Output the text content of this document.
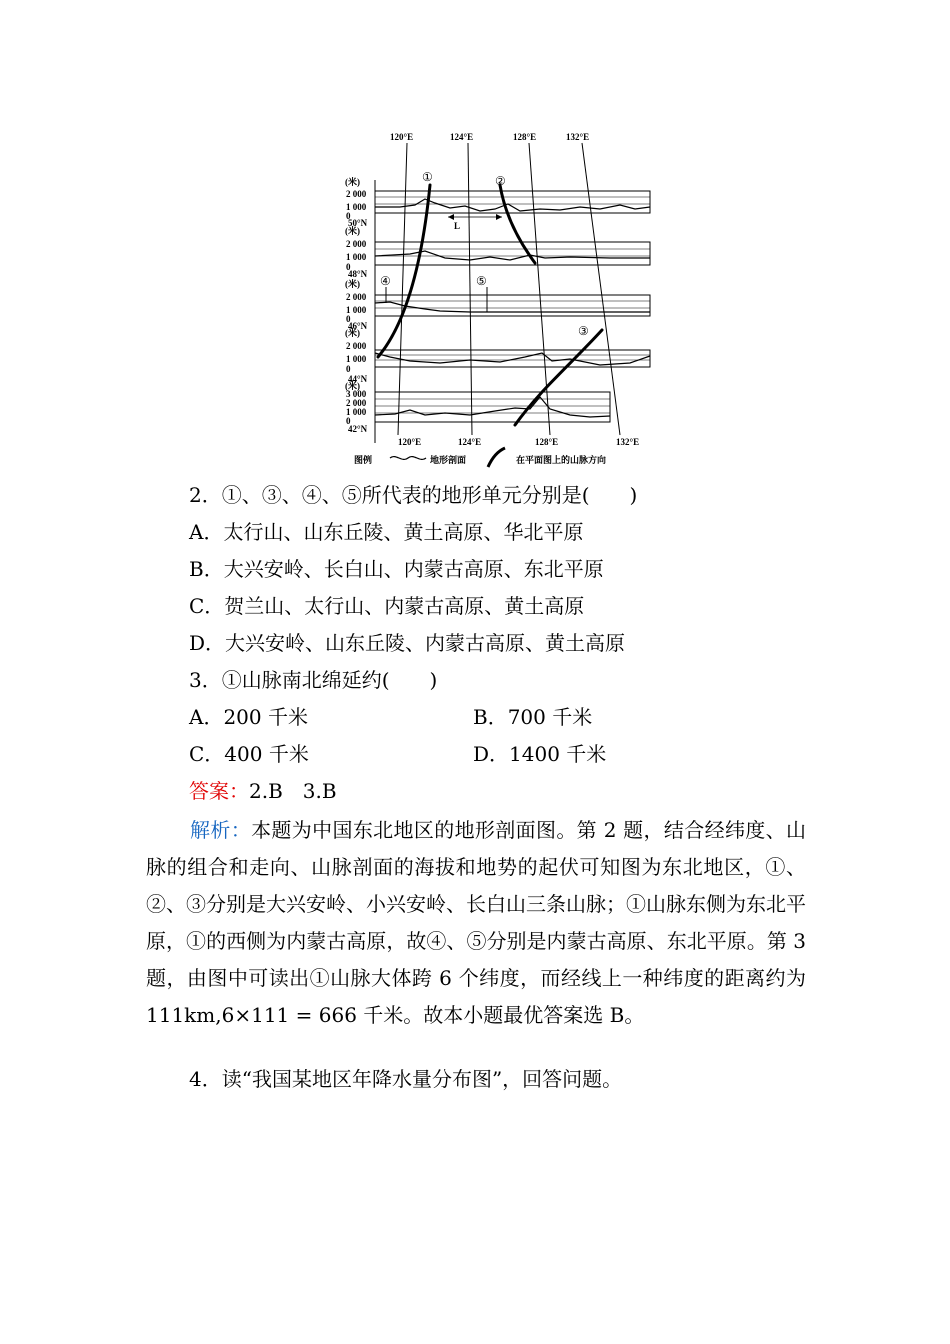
120°E	124°E	128°E	132°E
(米)
2 000
1 000
0
50°N	L
(米)
2 000
1 000
0
48°N
(米)
2 000
1 000
0
46°N
(米)
2 000
1 000
0
44°N
(米)
3 000
2 000
1 000
0
42°N
120°E	124°E	128°E	132°E
①	②
③
④	⑤
图例	地形剖面	在平面图上的山脉方向
2．①、③、④、⑤所代表的地形单元分别是(　　)
A．太行山、山东丘陵、黄土高原、华北平原
B．大兴安岭、长白山、内蒙古高原、东北平原
C．贺兰山、太行山、内蒙古高原、黄土高原
D．大兴安岭、山东丘陵、内蒙古高原、黄土高原
3．①山脉南北绵延约(　　)
A．200 千米	B．700 千米
C．400 千米	D．1400 千米
答案：2.B　3.B
解析：本题为中国东北地区的地形剖面图。第 2 题，结合经纬度、山脉的组合和走向、山脉剖面的海拔和地势的起伏可知图为东北地区，①、②、③分别是大兴安岭、小兴安岭、长白山三条山脉；①山脉东侧为东北平原，①的西侧为内蒙古高原，故④、⑤分别是内蒙古高原、东北平原。第 3 题，由图中可读出①山脉大体跨 6 个纬度，而经线上一种纬度的距离约为 111km,6×111 = 666 千米。故本小题最优答案选 B。
4．读“我国某地区年降水量分布图”，回答问题。
